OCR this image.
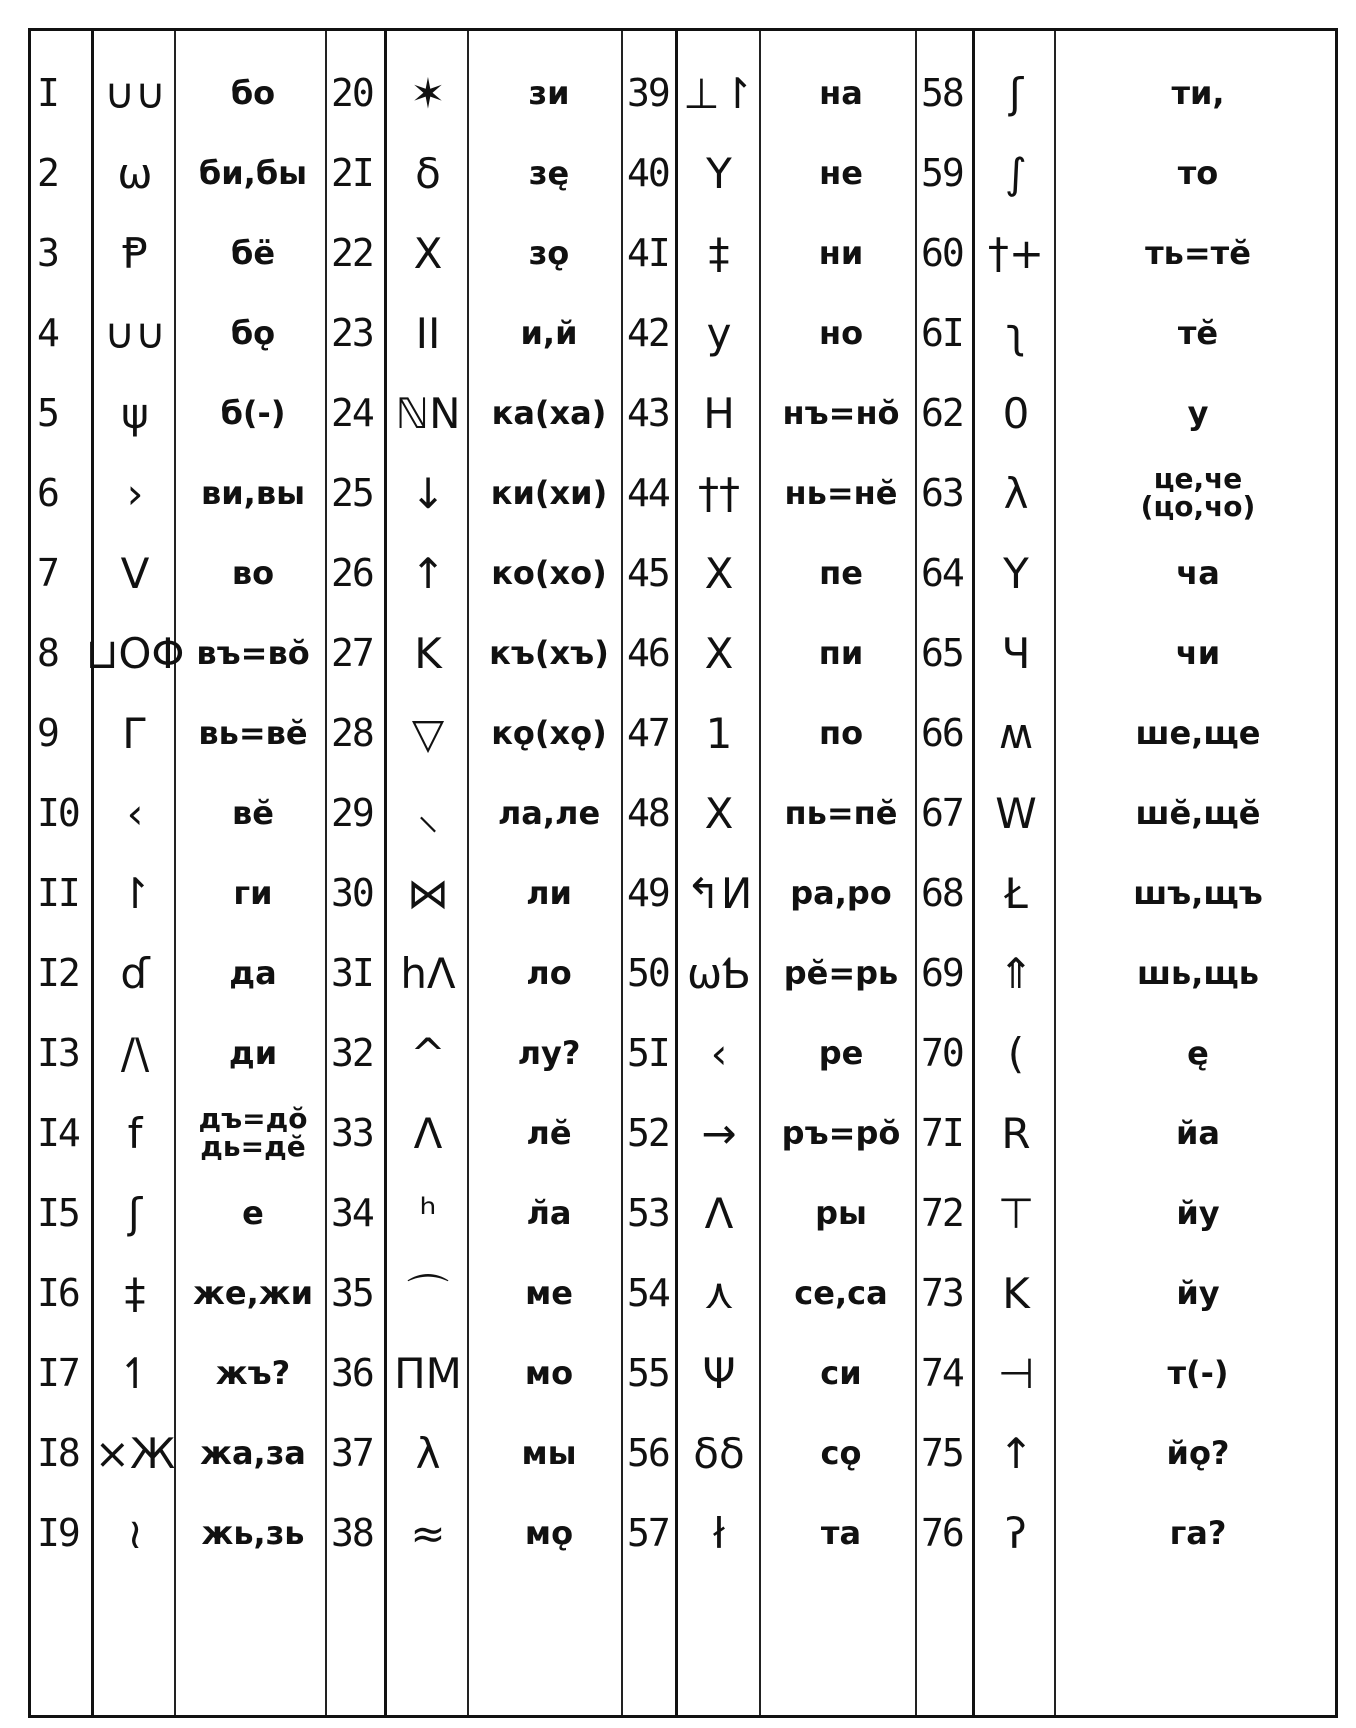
I	∪∪	бо
2	ω	би,бы
3	Ᵽ	бё
4	∪∪	бǫ
5	ψ	б(-)
6	›	ви,вы
7	V	во
8 ⊔OΦ въ=вŏ
9	Г	вь=вĕ
I0	‹	вĕ
II ↾	ги
I2 ɗ	да
I3	/\	ди
I4	f	дъ=дŏ
дь=дĕ
I5	ʃ	е
I6	‡	же,жи
I7 ↿	жъ?
I8 ×Ж жа,за
I9	≀	жь,зь
20 ✶	зи
2I	δ	зę
22 X	зǫ
23	II	и,й
24 ℕN ка(ха)
25 ↓	ки(хи)
26 ↑	ко(хо)
27 K	къ(хъ)
28 ▽	кǫ(хǫ)
29	⸜	ла,ле
30 ⋈	ли
3I hΛ	ло
32 ^	лу?
33 Λ	лĕ
34	ʰ	л̆а
35 ⌒	ме
36 ΠM	мо
37	λ	мы
38 ≈	мǫ
39 ⊥↾	на
40 Y	не
4I ‡	ни
42 у	но
43 H	нъ=нŏ
44 ††	нь=нĕ
45 X	пе
46 X	пи
47 1	по
48 X	пь=пĕ
49 ↰И	ра,ро
50 ωƄ	рĕ=рь
5I ‹	ре
52 →	ръ=рŏ
53 Λ	ры
54 ⋏	се,са
55 Ψ	си
56 δδ	сǫ
57	ł	та
58	ʃ	ти,
59	∫	то
60 †+	ть=тĕ
6I	ʅ	тĕ
62 0	у
63 λ	це,че
(цо,чо)
64 Y	ча
65 Ч	чи
66 ʍ	ше,ще
67 W	шĕ,щĕ
68 Ł	шъ,щъ
69 ⇑	шь,щь
70	(	ę
7I R	йа
72 ⊤	йу
73 K	йу
74 ⊣	т(-)
75 ↑	йǫ?
76	ʔ	га?
